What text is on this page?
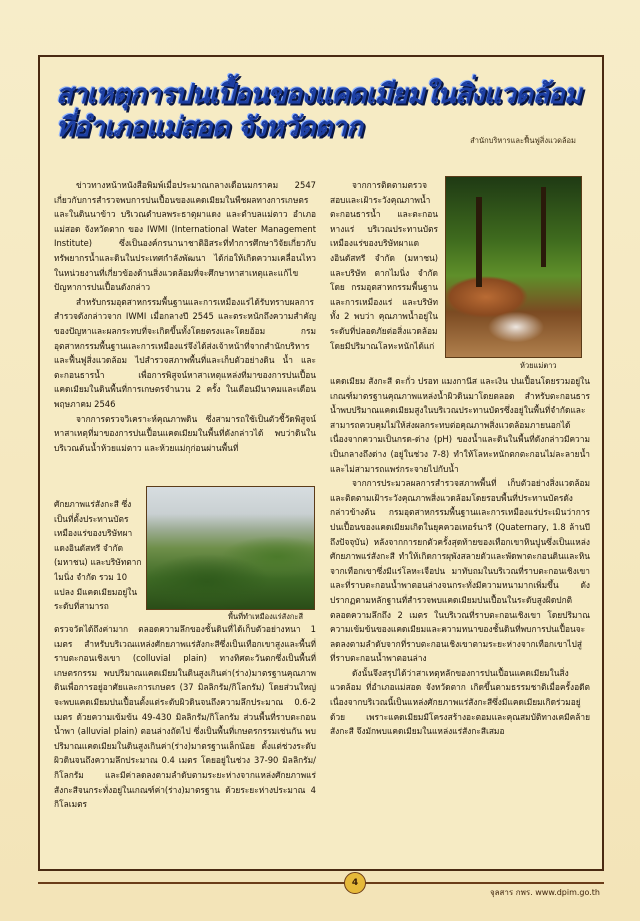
สาเหตุการปนเปื้อนของแคดเมียมในสิ่งแวดล้อม
ที่อำเภอแม่สอด จังหวัดตาก	สำนักบริหารและฟื้นฟูสิ่งแวดล้อม

ข่าวทางหน้าหนังสือพิมพ์เมื่อประมาณกลางเดือนมกราคม 2547 เกี่ยวกับการสำรวจพบการปนเปื้อนของแคดเมียมในพืชผลทางการเกษตรและในดินนาข้าว บริเวณตำบลพระธาตุผาแดง และตำบลแม่ตาว อำเภอแม่สอด จังหวัดตาก ของ IWMI (International Water Management Institute) ซึ่งเป็นองค์กรนานาชาติอิสระที่ทำการศึกษาวิจัยเกี่ยวกับทรัพยากรน้ำและดินในประเทศกำลังพัฒนา ได้ก่อให้เกิดความเคลื่อนไหวในหน่วยงานที่เกี่ยวข้องด้านสิ่งแวดล้อมที่จะศึกษาหาสาเหตุและแก้ไขปัญหาการปนเปื้อนดังกล่าว

สำหรับกรมอุตสาหกรรมพื้นฐานและการเหมืองแร่ได้รับทราบผลการสำรวจดังกล่าวจาก IWMI เมื่อกลางปี 2545 และตระหนักถึงความสำคัญของปัญหาและผลกระทบที่จะเกิดขึ้นทั้งโดยตรงและโดยอ้อม กรมอุตสาหกรรมพื้นฐานและการเหมืองแร่จึงได้ส่งเจ้าหน้าที่จากสำนักบริหารและฟื้นฟูสิ่งแวดล้อม ไปสำรวจสภาพพื้นที่และเก็บตัวอย่างดิน น้ำ และตะกอนธารน้ำ เพื่อการพิสูจน์หาสาเหตุแหล่งที่มาของการปนเปื้อนแคดเมียมในดินพื้นที่การเกษตรจำนวน 2 ครั้ง ในเดือนมีนาคมและเดือนพฤษภาคม 2546

จากการตรวจวิเคราะห์คุณภาพดิน ซึ่งสามารถใช้เป็นตัวชี้วัดพิสูจน์หาสาเหตุที่มาของการปนเปื้อนแคดเมียมในพื้นที่ดังกล่าวได้ พบว่าดินในบริเวณต้นน้ำห้วยแม่ตาว และห้วยแม่กุก่อนผ่านพื้นที่

ศักยภาพแร่สังกะสี ซึ่งเป็นที่ตั้งประทานบัตรเหมืองแร่ของบริษัทผาแดงอินดัสทรี จำกัด (มหาชน) และบริษัทตากไมนิ่ง จำกัด รวม 10 แปลง มีแคดเมียมอยู่ในระดับที่สามารถ
พื้นที่ทำเหมืองแร่สังกะสี

ตรวจวัดได้ถึงค่ามาก ตลอดความลึกของชั้นดินที่ได้เก็บตัวอย่างหนา 1 เมตร สำหรับบริเวณแหล่งศักยภาพแร่สังกะสีซึ่งเป็นเทือกเขาสูงและพื้นที่ราบตะกอนเชิงเขา (colluvial plain) ทางทิศตะวันตกซึ่งเป็นพื้นที่เกษตรกรรม พบปริมาณแคดเมียมในดินสูงเกินค่า(ร่าง)มาตรฐานคุณภาพดินเพื่อการอยู่อาศัยและการเกษตร (37 มิลลิกรัม/กิโลกรัม) โดยส่วนใหญ่จะพบแคดเมียมปนเปื้อนตั้งแต่ระดับผิวดินจนถึงความลึกประมาณ 0.6-2 เมตร ด้วยความเข้มข้น 49-430 มิลลิกรัม/กิโลกรัม ส่วนพื้นที่ราบตะกอนน้ำพา (alluvial plain) ตอนล่างถัดไป ซึ่งเป็นพื้นที่เกษตรกรรมเช่นกัน พบปริมาณแคดเมียมในดินสูงเกินค่า(ร่าง)มาตรฐานเล็กน้อย ตั้งแต่ช่วงระดับผิวดินจนถึงความลึกประมาณ 0.4 เมตร โดยอยู่ในช่วง 37-90 มิลลิกรัม/กิโลกรัม และมีค่าลดลงตามลำดับตามระยะห่างจากแหล่งศักยภาพแร่สังกะสีจนกระทั่งอยู่ในเกณฑ์ค่า(ร่าง)มาตรฐาน ด้วยระยะห่างประมาณ 4 กิโลเมตร

จากการติดตามตรวจสอบและเฝ้าระวังคุณภาพน้ำตะกอนธารน้ำ และตะกอนหางแร่ บริเวณประทานบัตรเหมืองแร่ของบริษัทผาแดงอินดัสทรี จำกัด (มหาชน) และบริษัท ตากไมนิ่ง จำกัด โดย กรมอุตสาหกรรมพื้นฐานและการเหมืองแร่ และบริษัททั้ง 2 พบว่า คุณภาพน้ำอยู่ในระดับที่ปลอดภัยต่อสิ่งแวดล้อม โดยมีปริมาณโลหะหนักได้แก่

ห้วยแม่ตาว

แคดเมียม สังกะสี ตะกั่ว ปรอท แมงกานีส และเงิน ปนเปื้อนโดยรวมอยู่ในเกณฑ์มาตรฐานคุณภาพแหล่งน้ำผิวดินมาโดยตลอด สำหรับตะกอนธารน้ำพบปริมาณแคดเมียมสูงในบริเวณประทานบัตรซึ่งอยู่ในพื้นที่จำกัดและสามารถควบคุมไม่ให้ส่งผลกระทบต่อคุณภาพสิ่งแวดล้อมภายนอกได้ เนื่องจากความเป็นกรด-ด่าง (pH) ของน้ำและดินในพื้นที่ดังกล่าวมีความเป็นกลางถึงด่าง (อยู่ในช่วง 7-8) ทำให้โลหะหนักตกตะกอนไม่ละลายน้ำ และไม่สามารถแพร่กระจายไปกับน้ำ

จากการประมวลผลการสำรวจสภาพพื้นที่ เก็บตัวอย่างสิ่งแวดล้อม และติดตามเฝ้าระวังคุณภาพสิ่งแวดล้อมโดยรอบพื้นที่ประทานบัตรดังกล่าวข้างต้น กรมอุตสาหกรรมพื้นฐานและการเหมืองแร่ประเมินว่าการปนเปื้อนของแคดเมียมเกิดในยุคควอเทอร์นารี (Quaternary, 1.8 ล้านปี ถึงปัจจุบัน) หลังจากการยกตัวครั้งสุดท้ายของเทือกเขาหินปูนซึ่งเป็นแหล่งศักยภาพแร่สังกะสี ทำให้เกิดการผุพังสลายตัวและพัดพาตะกอนดินและหินจากเทือกเขาซึ่งมีแร่โลหะเจือปน มาทับถมในบริเวณที่ราบตะกอนเชิงเขาและที่ราบตะกอนน้ำพาตอนล่างจนกระทั่งมีความหนามากเพิ่มขึ้น ดังปรากฏตามหลักฐานที่สำรวจพบแคดเมียมปนเปื้อนในระดับสูงผิดปกติตลอดความลึกถึง 2 เมตร ในบริเวณที่ราบตะกอนเชิงเขา โดยปริมาณความเข้มข้นของแคดเมียมและความหนาของชั้นดินที่พบการปนเปื้อนจะลดลงตามลำดับจากที่ราบตะกอนเชิงเขาตามระยะห่างจากเทือกเขาไปสู่ที่ราบตะกอนน้ำพาตอนล่าง

ดังนั้นจึงสรุปได้ว่าสาเหตุหลักของการปนเปื้อนแคดเมียมในสิ่งแวดล้อม ที่อำเภอแม่สอด จังหวัดตาก เกิดขึ้นตามธรรมชาติเมื่อครั้งอดีต เนื่องจากบริเวณนี้เป็นแหล่งศักยภาพแร่สังกะสีซึ่งมีแคดเมียมเกิดร่วมอยู่ด้วย เพราะแคดเมียมมีโครงสร้างอะตอมและคุณสมบัติทางเคมีคล้ายสังกะสี จึงมักพบแคดเมียมในแหล่งแร่สังกะสีเสมอ

4
จุลสาร กพร. www.dpim.go.th
